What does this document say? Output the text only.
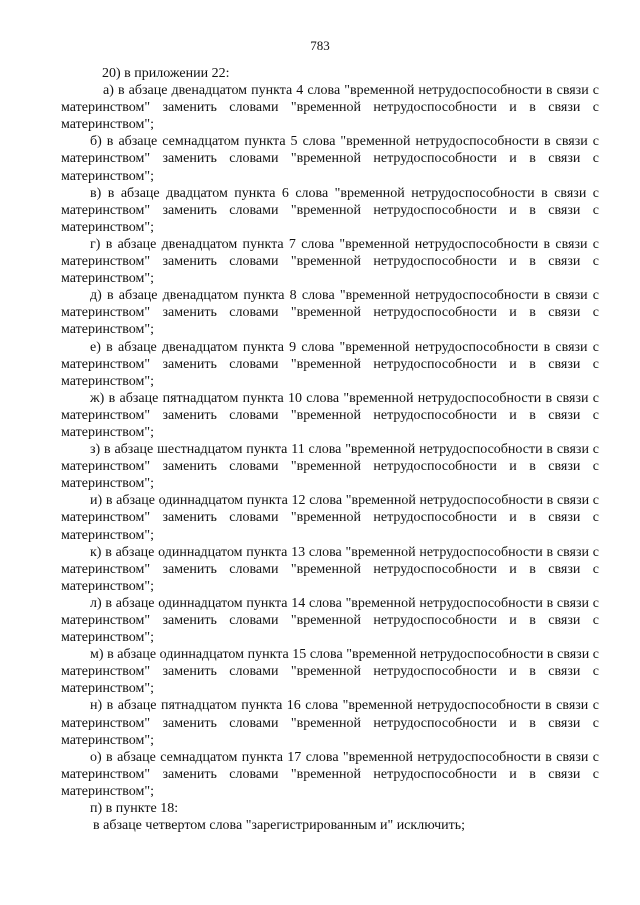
783

20) в приложении 22:

а) в абзаце двенадцатом пункта 4 слова "временной нетрудоспособности в связи с материнством" заменить словами "временной нетрудоспособности и в связи с материнством";

б) в абзаце семнадцатом пункта 5 слова "временной нетрудоспособности в связи с материнством" заменить словами "временной нетрудоспособности и в связи с материнством";

в) в абзаце двадцатом пункта 6 слова "временной нетрудоспособности в связи с материнством" заменить словами "временной нетрудоспособности и в связи с материнством";

г) в абзаце двенадцатом пункта 7 слова "временной нетрудоспособности в связи с материнством" заменить словами "временной нетрудоспособности и в связи с материнством";

д) в абзаце двенадцатом пункта 8 слова "временной нетрудоспособности в связи с материнством" заменить словами "временной нетрудоспособности и в связи с материнством";

е) в абзаце двенадцатом пункта 9 слова "временной нетрудоспособности в связи с материнством" заменить словами "временной нетрудоспособности и в связи с материнством";

ж) в абзаце пятнадцатом пункта 10 слова "временной нетрудоспособности в связи с материнством" заменить словами "временной нетрудоспособности и в связи с материнством";

з) в абзаце шестнадцатом пункта 11 слова "временной нетрудоспособности в связи с материнством" заменить словами "временной нетрудоспособности и в связи с материнством";

и) в абзаце одиннадцатом пункта 12 слова "временной нетрудоспособности в связи с материнством" заменить словами "временной нетрудоспособности и в связи с материнством";

к) в абзаце одиннадцатом пункта 13 слова "временной нетрудоспособности в связи с материнством" заменить словами "временной нетрудоспособности и в связи с материнством";

л) в абзаце одиннадцатом пункта 14 слова "временной нетрудоспособности в связи с материнством" заменить словами "временной нетрудоспособности и в связи с материнством";

м) в абзаце одиннадцатом пункта 15 слова "временной нетрудоспособности в связи с материнством" заменить словами "временной нетрудоспособности и в связи с материнством";

н) в абзаце пятнадцатом пункта 16 слова "временной нетрудоспособности в связи с материнством" заменить словами "временной нетрудоспособности и в связи с материнством";

о) в абзаце семнадцатом пункта 17 слова "временной нетрудоспособности в связи с материнством" заменить словами "временной нетрудоспособности и в связи с материнством";

п) в пункте 18:

в абзаце четвертом слова "зарегистрированным и" исключить;
